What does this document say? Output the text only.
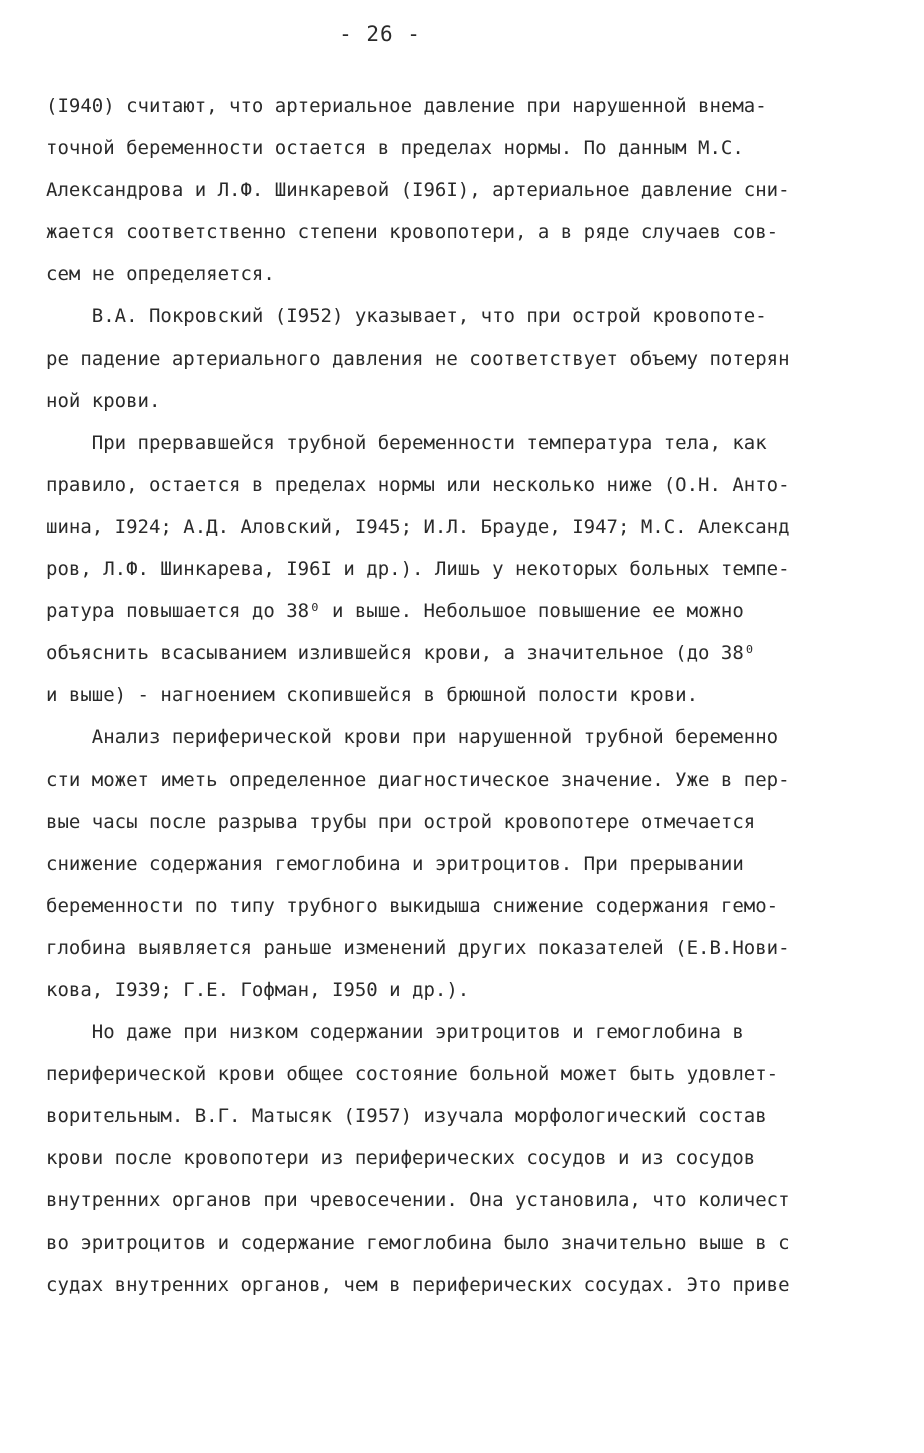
- 26 -
(I940) считают, что артериальное давление при нарушенной внема-
точной беременности остается в пределах нормы. По данным М.С.
Александрова и Л.Ф. Шинкаревой (I96I), артериальное давление сни-
жается соответственно степени кровопотери, а в ряде случаев сов-
сем не определяется.
В.А. Покровский (I952) указывает, что при острой кровопоте-
ре падение артериального давления не соответствует объему потерян
ной крови.
При прервавшейся трубной беременности температура тела, как
правило, остается в пределах нормы или несколько ниже (О.Н. Анто-
шина, I924; А.Д. Аловский, I945; И.Л. Брауде, I947; М.С. Александ
ров, Л.Ф. Шинкарева, I96I и др.). Лишь у некоторых больных темпе-
ратура повышается до 38⁰ и выше. Небольшое повышение ее можно
объяснить всасыванием излившейся крови, а значительное (до 38⁰
и выше) - нагноением скопившейся в брюшной полости крови.
Анализ периферической крови при нарушенной трубной беременно
сти может иметь определенное диагностическое значение. Уже в пер-
вые часы после разрыва трубы при острой кровопотере отмечается
снижение содержания гемоглобина и эритроцитов. При прерывании
беременности по типу трубного выкидыша снижение содержания гемо-
глобина выявляется раньше изменений других показателей (Е.В.Нови-
кова, I939; Г.Е. Гофман, I950 и др.).
Но даже при низком содержании эритроцитов и гемоглобина в
периферической крови общее состояние больной может быть удовлет-
ворительным. В.Г. Матысяк (I957) изучала морфологический состав
крови после кровопотери из периферических сосудов и из сосудов
внутренних органов при чревосечении. Она установила, что количест
во эритроцитов и содержание гемоглобина было значительно выше в с
судах внутренних органов, чем в периферических сосудах. Это приве
